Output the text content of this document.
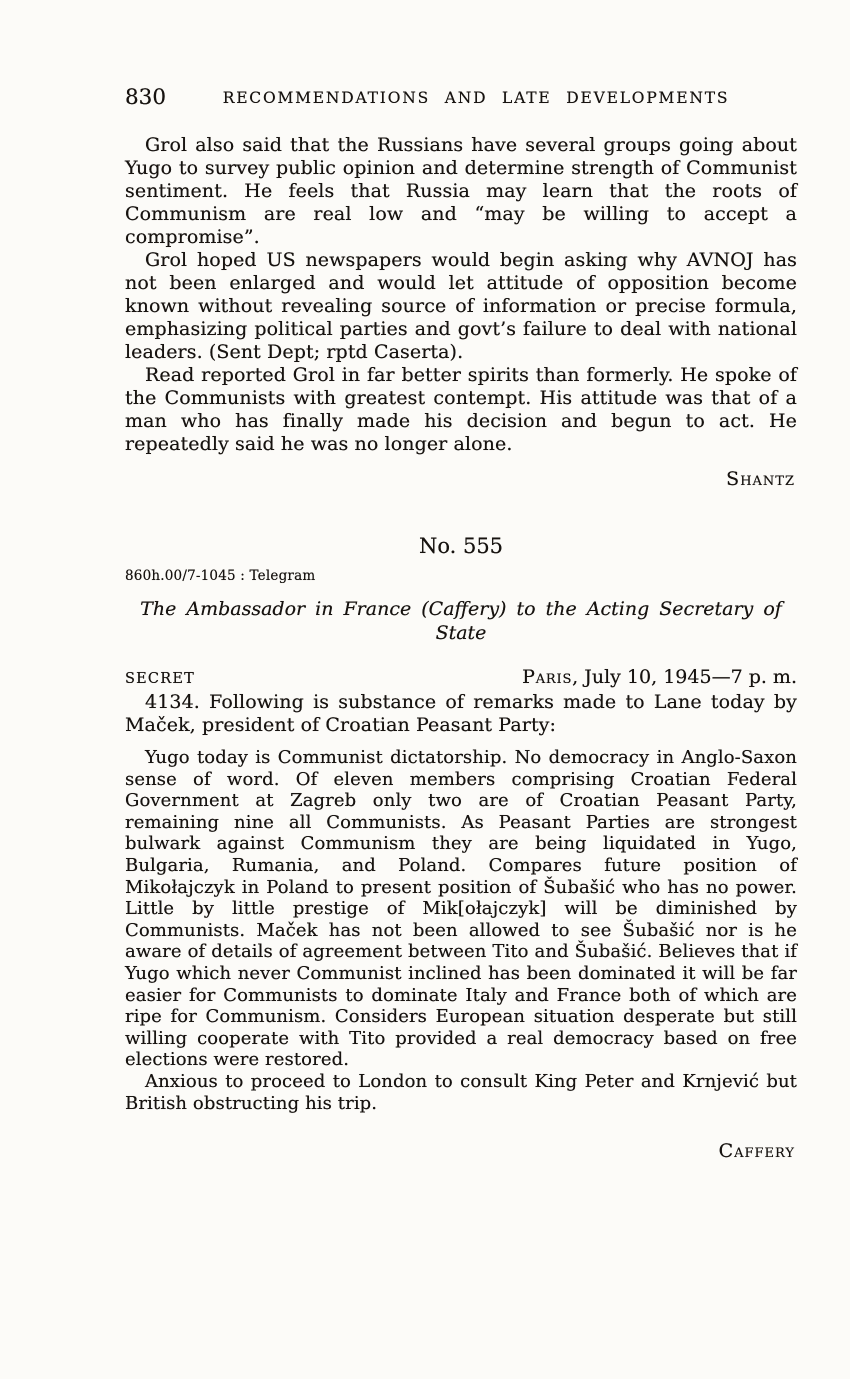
830	RECOMMENDATIONS AND LATE DEVELOPMENTS

Grol also said that the Russians have several groups going about Yugo to survey public opinion and determine strength of Communist sentiment. He feels that Russia may learn that the roots of Communism are real low and “may be willing to accept a compromise”.

Grol hoped US newspapers would begin asking why AVNOJ has not been enlarged and would let attitude of opposition become known without revealing source of information or precise formula, emphasizing political parties and govt’s failure to deal with national leaders. (Sent Dept; rptd Caserta).

Read reported Grol in far better spirits than formerly. He spoke of the Communists with greatest contempt. His attitude was that of a man who has finally made his decision and begun to act. He repeatedly said he was no longer alone.

Shantz
No. 555
860h.00/7-1045 : Telegram
The Ambassador in France (Caffery) to the Acting Secretary of State
SECRET	Paris, July 10, 1945—7 p. m.

4134. Following is substance of remarks made to Lane today by Maček, president of Croatian Peasant Party:

Yugo today is Communist dictatorship. No democracy in Anglo-Saxon sense of word. Of eleven members comprising Croatian Federal Government at Zagreb only two are of Croatian Peasant Party, remaining nine all Communists. As Peasant Parties are strongest bulwark against Communism they are being liquidated in Yugo, Bulgaria, Rumania, and Poland. Compares future position of Mikołajczyk in Poland to present position of Šubašić who has no power. Little by little prestige of Mik[ołajczyk] will be diminished by Communists. Maček has not been allowed to see Šubašić nor is he aware of details of agreement between Tito and Šubašić. Believes that if Yugo which never Communist inclined has been dominated it will be far easier for Communists to dominate Italy and France both of which are ripe for Communism. Considers European situation desperate but still willing cooperate with Tito provided a real democracy based on free elections were restored.

Anxious to proceed to London to consult King Peter and Krnjević but British obstructing his trip.

Caffery
